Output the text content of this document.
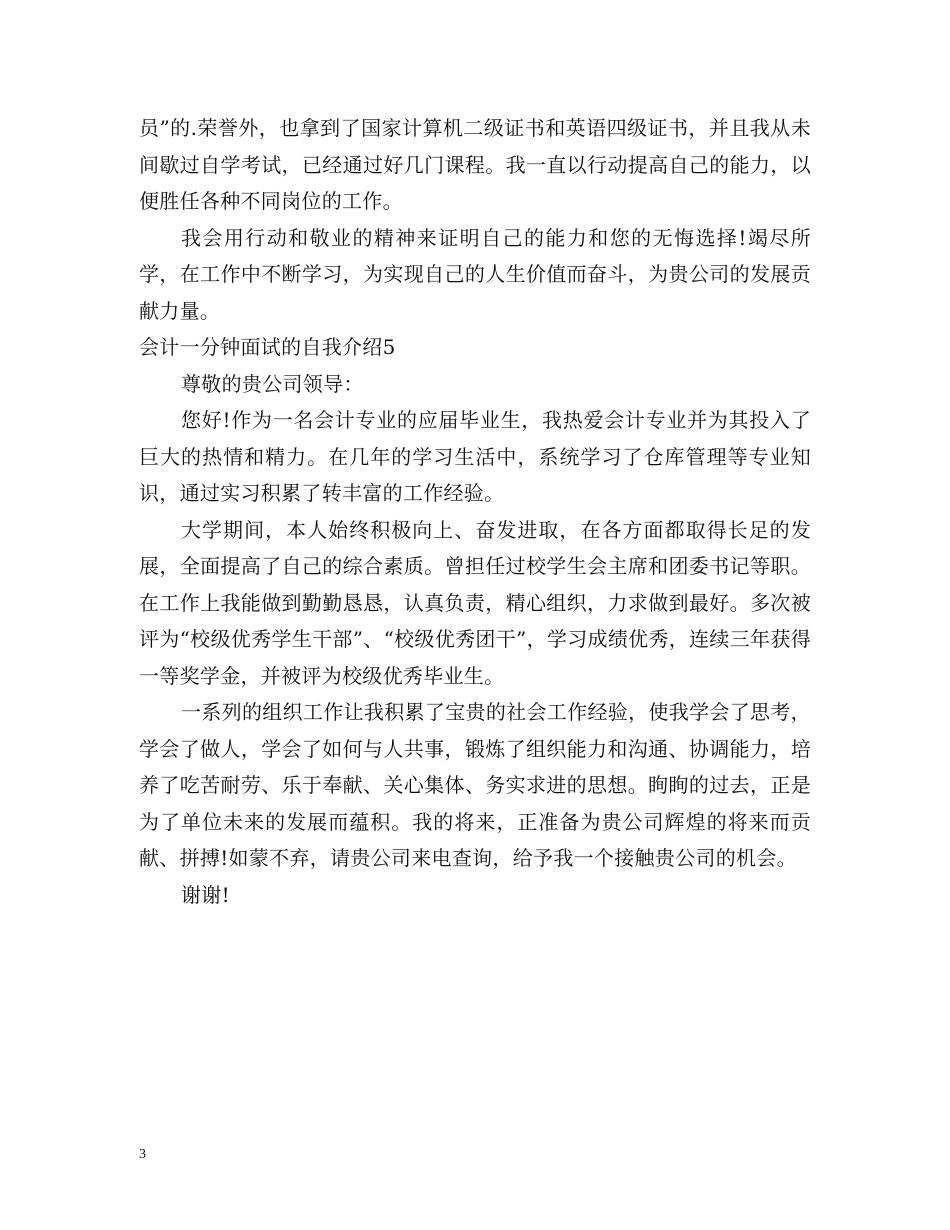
员”的.荣誉外，也拿到了国家计算机二级证书和英语四级证书，并且我从未间歇过自学考试，已经通过好几门课程。我一直以行动提高自己的能力，以便胜任各种不同岗位的工作。

我会用行动和敬业的精神来证明自己的能力和您的无悔选择!竭尽所学，在工作中不断学习，为实现自己的人生价值而奋斗，为贵公司的发展贡献力量。

会计一分钟面试的自我介绍5

尊敬的贵公司领导：

您好!作为一名会计专业的应届毕业生，我热爱会计专业并为其投入了巨大的热情和精力。在几年的学习生活中，系统学习了仓库管理等专业知识，通过实习积累了转丰富的工作经验。

大学期间，本人始终积极向上、奋发进取，在各方面都取得长足的发展，全面提高了自己的综合素质。曾担任过校学生会主席和团委书记等职。在工作上我能做到勤勤恳恳，认真负责，精心组织，力求做到最好。多次被评为“校级优秀学生干部”、“校级优秀团干”，学习成绩优秀，连续三年获得一等奖学金，并被评为校级优秀毕业生。

一系列的组织工作让我积累了宝贵的社会工作经验，使我学会了思考，学会了做人，学会了如何与人共事，锻炼了组织能力和沟通、协调能力，培养了吃苦耐劳、乐于奉献、关心集体、务实求进的思想。眴眴的过去，正是为了单位未来的发展而蕴积。我的将来，正准备为贵公司辉煌的将来而贡献、拼搏!如蒙不弃，请贵公司来电查询，给予我一个接触贵公司的机会。

谢谢!

3
